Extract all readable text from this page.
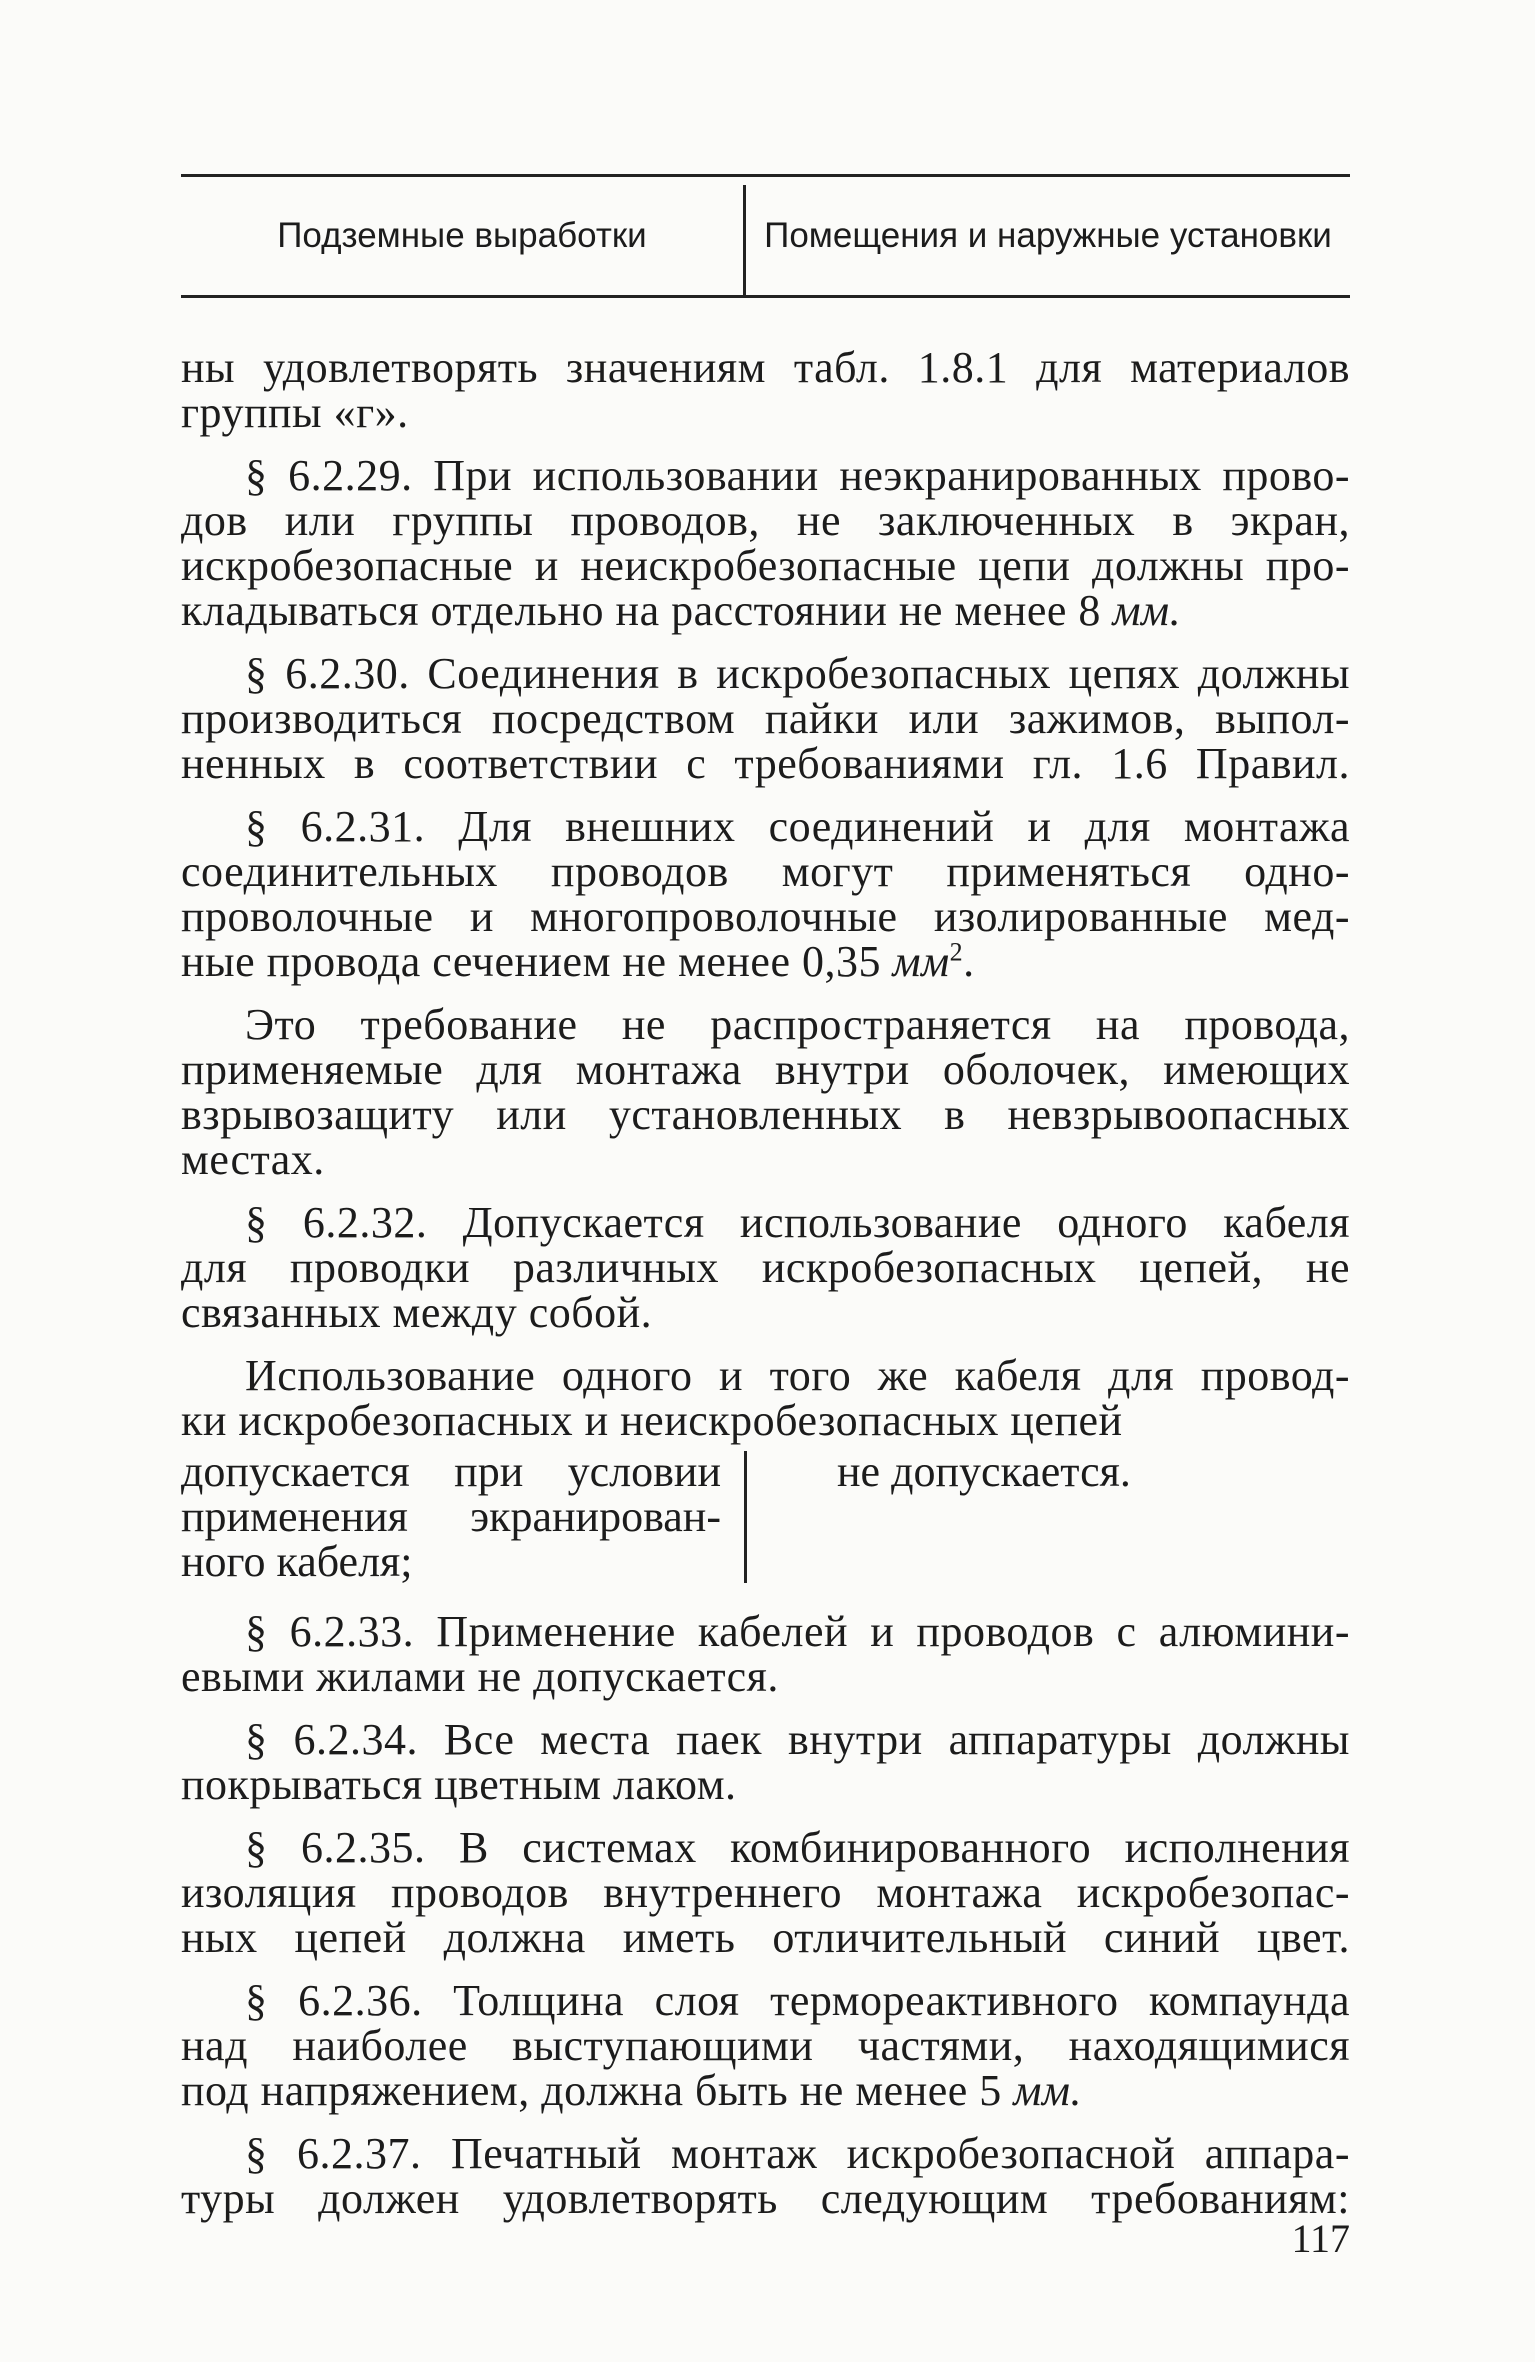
Подземные выработки	Помещения и наружные установки

ны удовлетворять значениям табл. 1.8.1 для материалов
группы «г».

§ 6.2.29. При использовании неэкранированных прово-
дов или группы проводов, не заключенных в экран,
искробезопасные и неискробезопасные цепи должны про-
кладываться отдельно на расстоянии не менее 8 мм.

§ 6.2.30. Соединения в искробезопасных цепях должны
производиться посредством пайки или зажимов, выпол-
ненных в соответствии с требованиями гл. 1.6 Правил.

§ 6.2.31. Для внешних соединений и для монтажа
соединительных проводов могут применяться одно-
проволочные и многопроволочные изолированные мед-
ные провода сечением не менее 0,35 $мм^2$.

Это требование не распространяется на провода,
применяемые для монтажа внутри оболочек, имеющих
взрывозащиту или установленных в невзрывоопасных
местах.

§ 6.2.32. Допускается использование одного кабеля
для проводки различных искробезопасных цепей, не
связанных между собой.

Использование одного и того же кабеля для провод-
ки искробезопасных и неискробезопасных цепей

допускается при условии
применения экранирован-
ного кабеля;
не допускается.

§ 6.2.33. Применение кабелей и проводов с алюмини-
евыми жилами не допускается.

§ 6.2.34. Все места паек внутри аппаратуры должны
покрываться цветным лаком.

§ 6.2.35. В системах комбинированного исполнения
изоляция проводов внутреннего монтажа искробезопас-
ных цепей должна иметь отличительный синий цвет.

§ 6.2.36. Толщина слоя термореактивного компаунда
над наиболее выступающими частями, находящимися
под напряжением, должна быть не менее 5 мм.

§ 6.2.37. Печатный монтаж искробезопасной аппара-
туры должен удовлетворять следующим требованиям:

117
